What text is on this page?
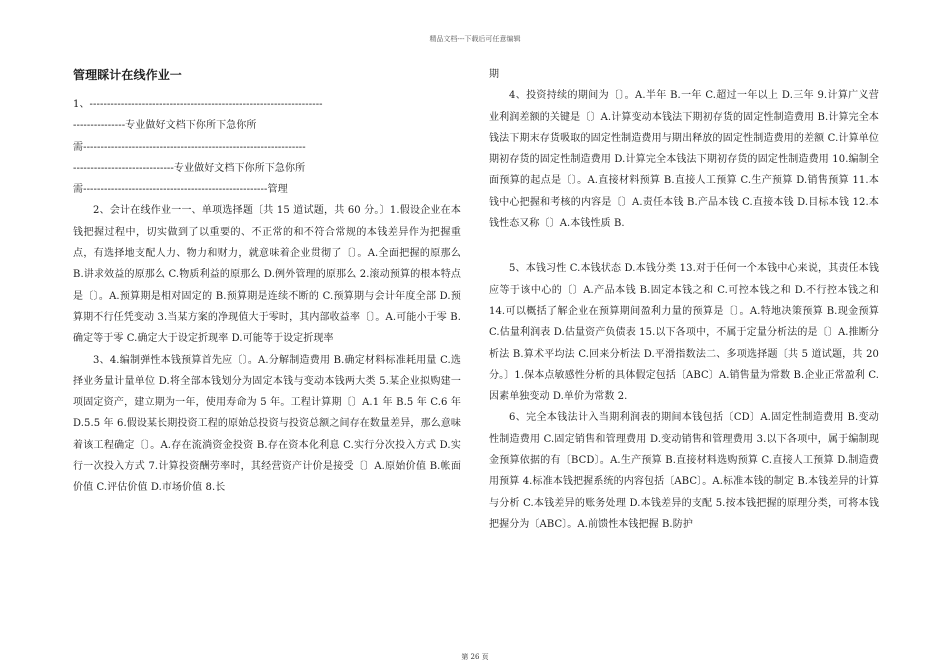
精品文档---下载后可任意编辑
管理睬计在线作业一

1、-------------------------------------------------------------------

---------------专业做好文档下你所下急你所

需----------------------------------------------------------------

-----------------------------专业做好文档下你所下急你所

需-----------------------------------------------------管理

2、会计在线作业一一、单项选择题〔共 15 道试题，共 60 分。〕1.假设企业在本钱把握过程中，切实做到了以重要的、不正常的和不符合常规的本钱差异作为把握重点，有选择地支配人力、物力和财力，就意味着企业贯彻了〔〕。A.全面把握的原那么 B.讲求效益的原那么 C.物质利益的原那么 D.例外管理的原那么 2.滚动预算的根本特点是〔〕。A.预算期是相对固定的 B.预算期是连续不断的 C.预算期与会计年度全部 D.预算期不行任凭变动 3.当某方案的净现值大于零时，其内部收益率〔〕。A.可能小于零 B.确定等于零 C.确定大于设定折现率 D.可能等于设定折现率

3、4.编制弹性本钱预算首先应〔〕。A.分解制造费用 B.确定材料标准耗用量 C.选择业务量计量单位 D.将全部本钱划分为固定本钱与变动本钱两大类 5.某企业拟购建一项固定资产，建立期为一年，使用寿命为 5 年。工程计算期〔〕A.1 年 B.5 年 C.6 年 D.5.5 年 6.假设某长期投资工程的原始总投资与投资总额之间存在数量差异，那么意味着该工程确定〔〕。A.存在流淌资金投资 B.存在资本化利息 C.实行分次投入方式 D.实行一次投入方式 7.计算投资酬劳率时，其经营资产计价是接受〔〕A.原始价值 B.帐面价值 C.评估价值 D.市场价值 8.长

期

4、投资持续的期间为〔〕。A.半年 B.一年 C.超过一年以上 D.三年 9.计算广义营业利润差额的关键是〔〕A.计算变动本钱法下期初存货的固定性制造费用 B.计算完全本钱法下期末存货吸取的固定性制造费用与期出释放的固定性制造费用的差额 C.计算单位期初存货的固定性制造费用 D.计算完全本钱法下期初存货的固定性制造费用 10.编制全面预算的起点是〔〕。A.直接材料预算 B.直接人工预算 C.生产预算 D.销售预算 11.本钱中心把握和考核的内容是〔〕A.责任本钱 B.产品本钱 C.直接本钱 D.目标本钱 12.本钱性态又称〔〕A.本钱性质 B.

5、本钱习性 C.本钱状态 D.本钱分类 13.对于任何一个本钱中心来说，其责任本钱应等于该中心的〔〕A.产品本钱 B.固定本钱之和 C.可控本钱之和 D.不行控本钱之和 14.可以概括了解企业在预算期间盈利力量的预算是〔〕。A.特地决策预算 B.现金预算 C.估量利润表 D.估量资产负债表 15.以下各项中，不属于定量分析法的是〔〕A.推断分析法 B.算术平均法 C.回来分析法 D.平滑指数法二、多项选择题〔共 5 道试题，共 20 分。〕1.保本点敏感性分析的具体假定包括〔ABC〕A.销售量为常数 B.企业正常盈利 C.因素单独变动 D.单价为常数 2.

6、完全本钱法计入当期利润表的期间本钱包括〔CD〕A.固定性制造费用 B.变动性制造费用 C.固定销售和管理费用 D.变动销售和管理费用 3.以下各项中，属于编制现金预算依据的有〔BCD〕。A.生产预算 B.直接材料选购预算 C.直接人工预算 D.制造费用预算 4.标准本钱把握系统的内容包括〔ABC〕。A.标准本钱的制定 B.本钱差异的计算与分析 C.本钱差异的账务处理 D.本钱差异的支配 5.按本钱把握的原理分类，可将本钱把握分为〔ABC〕。A.前馈性本钱把握 B.防护

第 26 页
